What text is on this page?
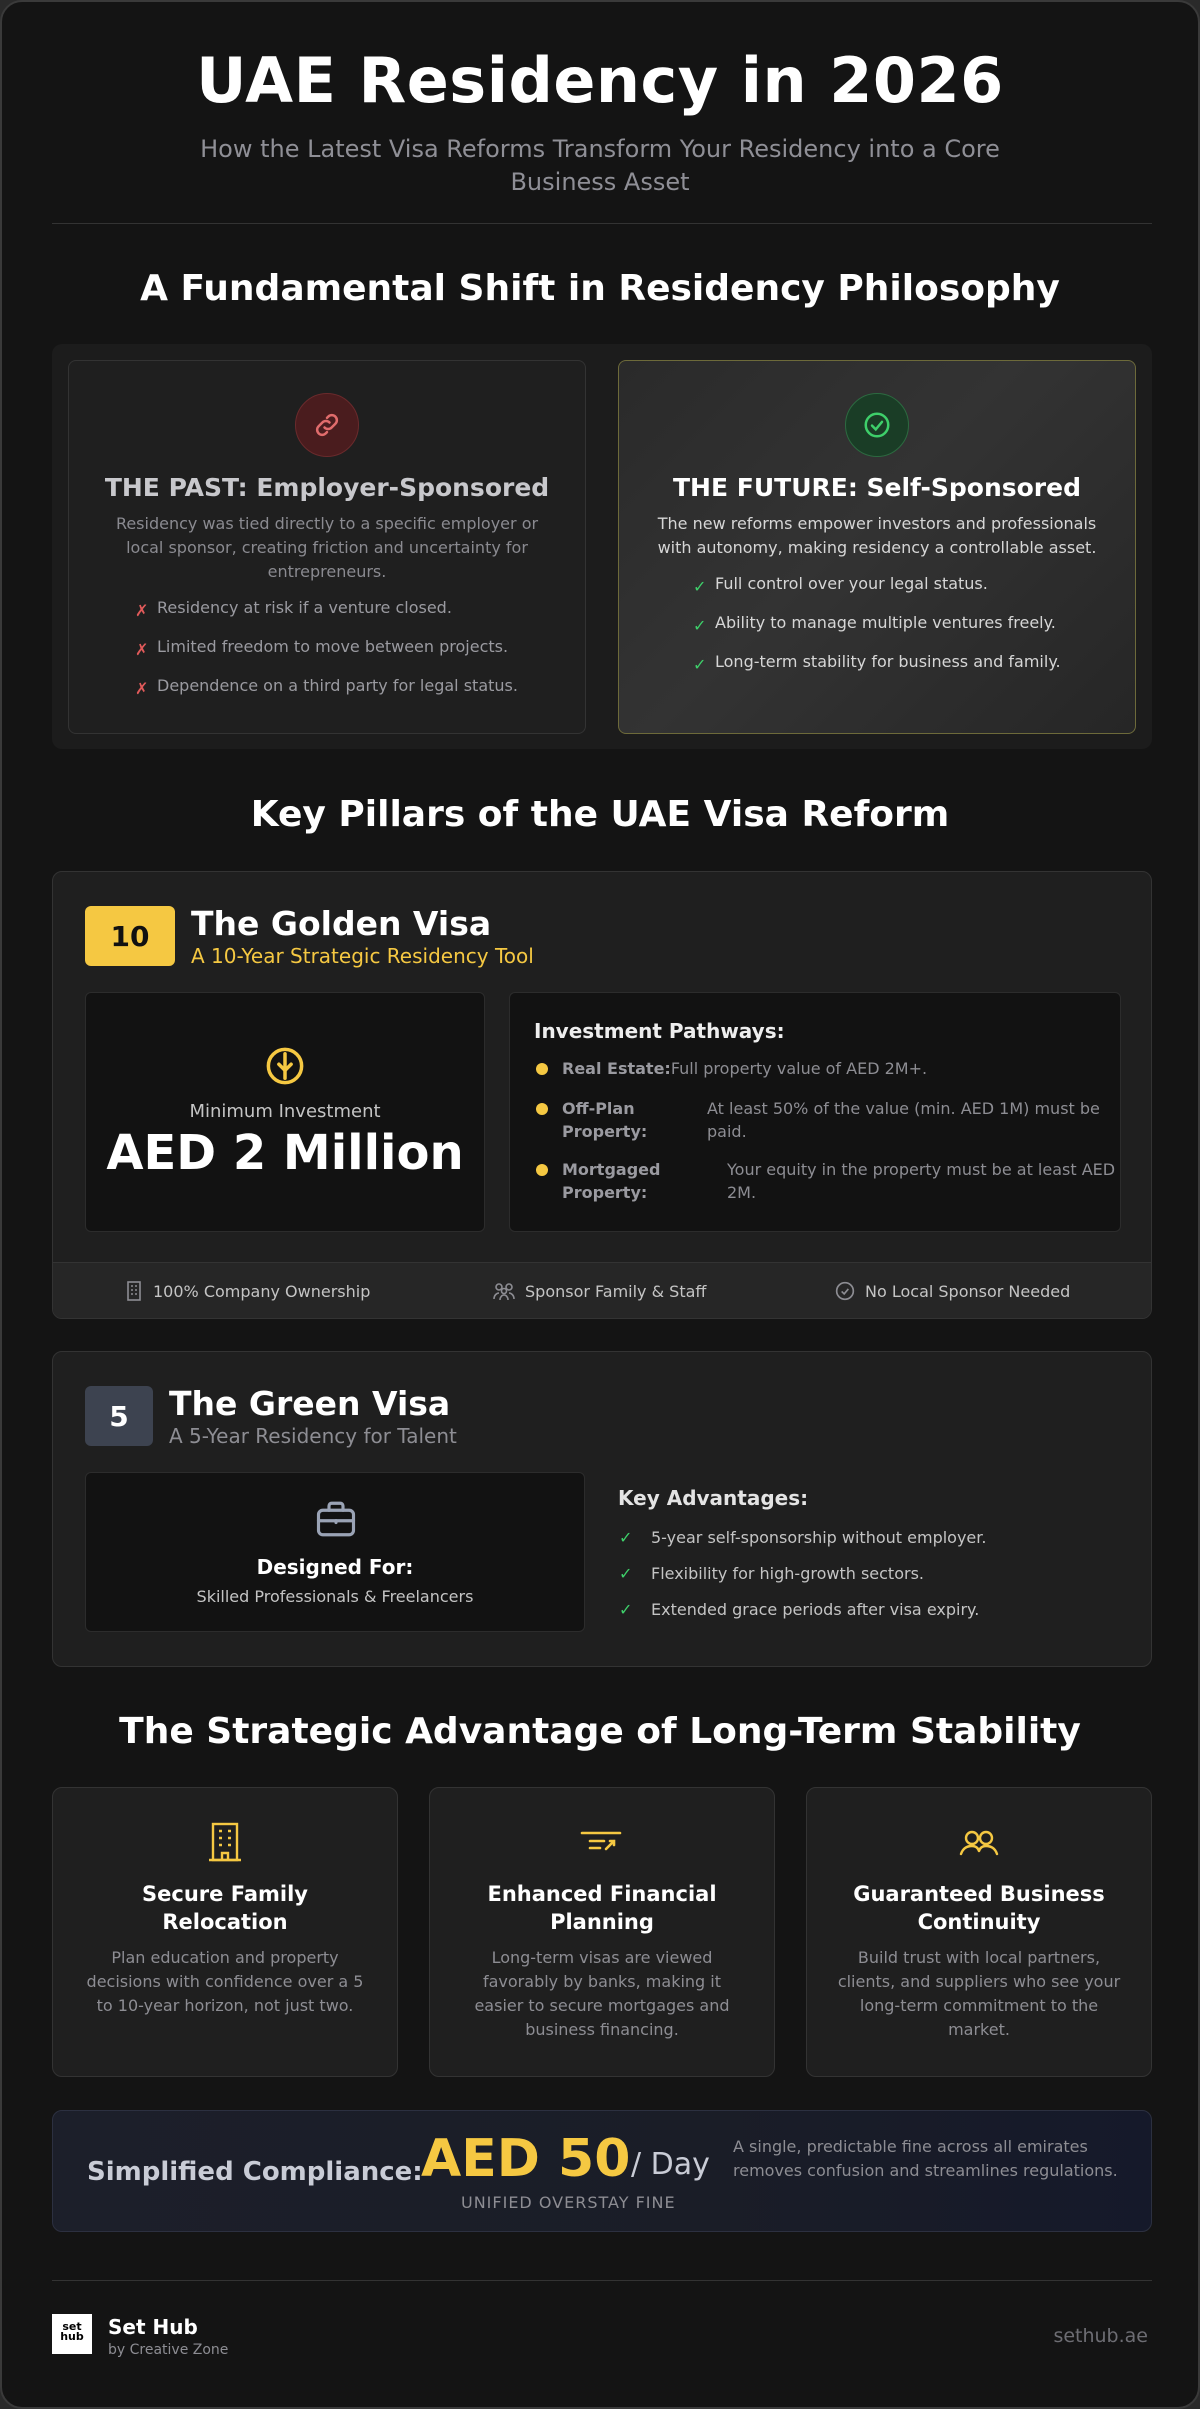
UAE Residency in 2026
How the Latest Visa Reforms Transform Your Residency into a Core Business Asset
A Fundamental Shift in Residency Philosophy
THE PAST: Employer-Sponsored
Residency was tied directly to a specific employer or local sponsor, creating friction and uncertainty for entrepreneurs.
✗ Residency at risk if a venture closed.
✗ Limited freedom to move between projects.
✗ Dependence on a third party for legal status.
THE FUTURE: Self-Sponsored
The new reforms empower investors and professionals with autonomy, making residency a controllable asset.
✓ Full control over your legal status.
✓ Ability to manage multiple ventures freely.
✓ Long-term stability for business and family.
Key Pillars of the UAE Visa Reform
10	The Golden Visa
A 10-Year Strategic Residency Tool
Minimum Investment
AED 2 Million
Investment Pathways:
Real Estate: Full property value of AED 2M+.
Off-Plan Property:
At least 50% of the value (min. AED 1M) must be paid.
Mortgaged Property:
Your equity in the property must be at least AED 2M.
100% Company Ownership	Sponsor Family & Staff	No Local Sponsor Needed
5	The Green Visa
A 5-Year Residency for Talent
Designed For:
Skilled Professionals & Freelancers
Key Advantages:
✓	5-year self-sponsorship without employer.
✓	Flexibility for high-growth sectors.
✓	Extended grace periods after visa expiry.
The Strategic Advantage of Long-Term Stability
Secure Family Relocation
Plan education and property decisions with confidence over a 5 to 10-year horizon, not just two.
Enhanced Financial Planning
Long-term visas are viewed favorably by banks, making it easier to secure mortgages and business financing.
Guaranteed Business Continuity
Build trust with local partners, clients, and suppliers who see your long-term commitment to the market.
Simplified Compliance:
AED 50 / Day
UNIFIED OVERSTAY FINE
A single, predictable fine across all emirates removes confusion and streamlines regulations.
set
hub	Set Hub
by Creative Zone
sethub.ae
